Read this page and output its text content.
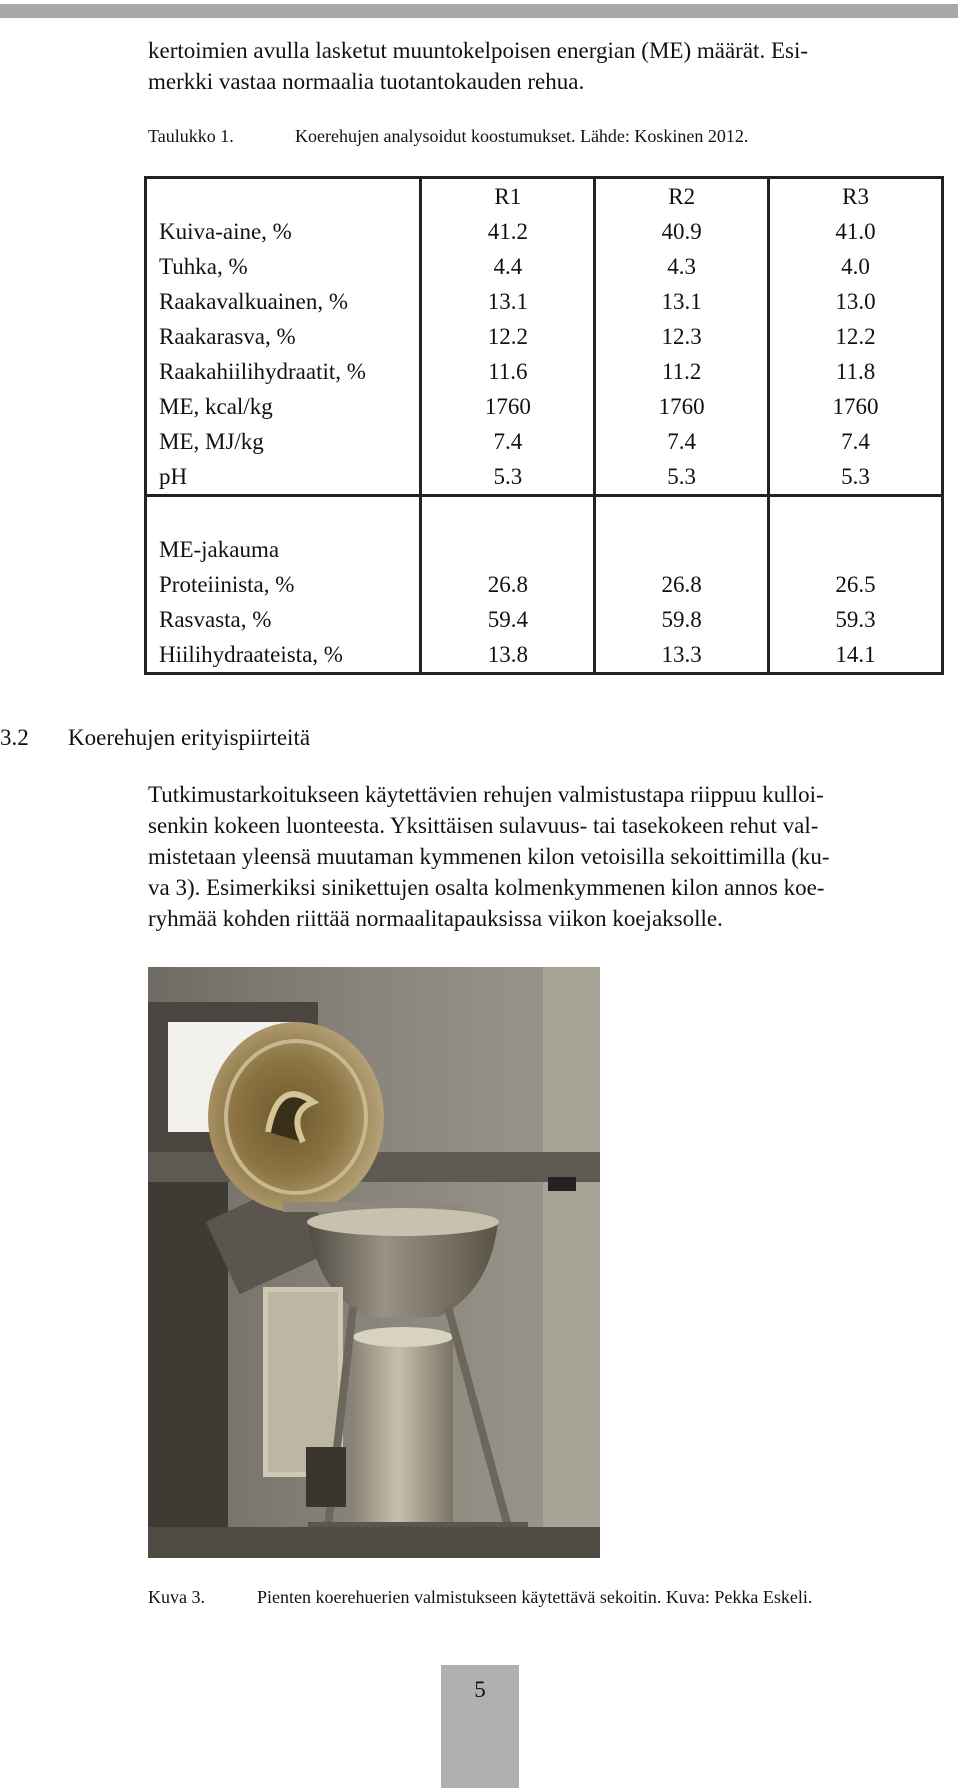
kertoimien avulla lasketut muuntokelpoisen energian (ME) määrät. Esi-
merkki vastaa normaalia tuotantokauden rehua.

Taulukko 1.	Koerehujen analysoidut koostumukset. Lähde: Koskinen 2012.
	R1	R2	R3
Kuiva-aine, %	41.2	40.9	41.0
Tuhka, %	4.4	4.3	4.0
Raakavalkuainen, %	13.1	13.1	13.0
Raakarasva, %	12.2	12.3	12.2
Raakahiilihydraatit, %	11.6	11.2	11.8
ME, kcal/kg	1760	1760	1760
ME, MJ/kg	7.4	7.4	7.4
pH	5.3	5.3	5.3

ME-jakauma			
Proteiinista, %	26.8	26.8	26.5
Rasvasta, %	59.4	59.8	59.3
Hiilihydraateista, %	13.8	13.3	14.1
3.2 Koerehujen erityispiirteitä

Tutkimustarkoitukseen käytettävien rehujen valmistustapa riippuu kulloi-
senkin kokeen luonteesta. Yksittäisen sulavuus- tai tasekokeen rehut val-
mistetaan yleensä muutaman kymmenen kilon vetoisilla sekoittimilla (ku-
va 3). Esimerkiksi sinikettujen osalta kolmenkymmenen kilon annos koe-
ryhmää kohden riittää normaalitapauksissa viikon koejaksolle.

Kuva 3.	Pienten koerehuerien valmistukseen käytettävä sekoitin. Kuva: Pekka Eskeli.
5
